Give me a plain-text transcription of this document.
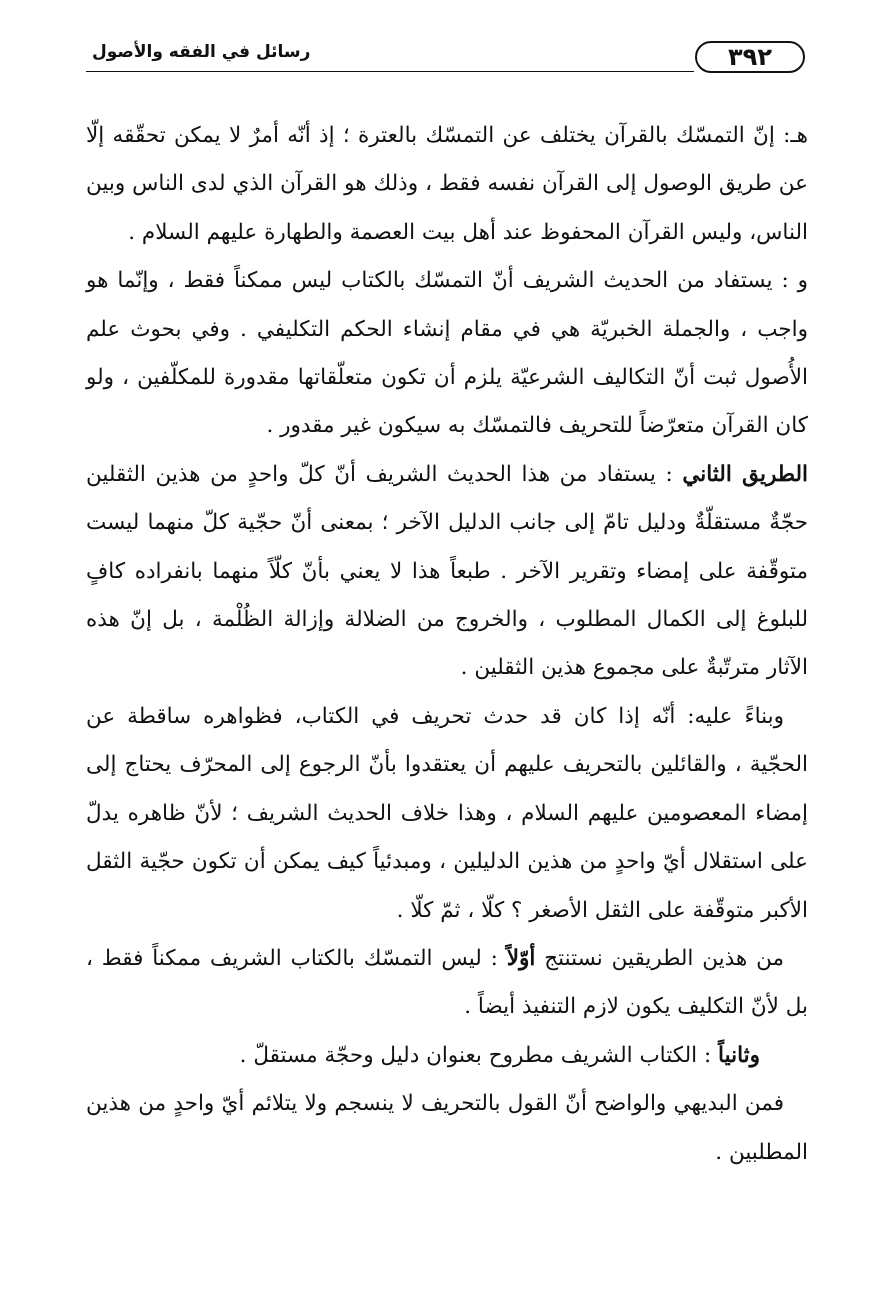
٣٩٢
رسائل في الفقه والأصول

هـ: إنّ التمسّك بالقرآن يختلف عن التمسّك بالعترة ؛ إذ أنّه أمرٌ لا يمكن تحقّقه إلّا عن طريق الوصول إلى القرآن نفسه فقط ، وذلك هو القرآن الذي لدى الناس وبين الناس، وليس القرآن المحفوظ عند أهل بيت العصمة والطهارة عليهم السلام .

و : يستفاد من الحديث الشريف أنّ التمسّك بالكتاب ليس ممكناً فقط ، وإنّما هو واجب ، والجملة الخبريّة هي في مقام إنشاء الحكم التكليفي . وفي بحوث علم الأُصول ثبت أنّ التكاليف الشرعيّة يلزم أن تكون متعلّقاتها مقدورة للمكلّفين ، ولو كان القرآن متعرّضاً للتحريف فالتمسّك به سيكون غير مقدور .

الطريق الثاني : يستفاد من هذا الحديث الشريف أنّ كلّ واحدٍ من هذين الثقلين حجّةٌ مستقلّةٌ ودليل تامّ إلى جانب الدليل الآخر ؛ بمعنى أنّ حجّية كلّ منهما ليست متوقّفة على إمضاء وتقرير الآخر . طبعاً هذا لا يعني بأنّ كلّاً منهما بانفراده كافٍ للبلوغ إلى الكمال المطلوب ، والخروج من الضلالة وإزالة الظُلْمة ، بل إنّ هذه الآثار مترتّبةٌ على مجموع هذين الثقلين .

وبناءً عليه: أنّه إذا كان قد حدث تحريف في الكتاب، فظواهره ساقطة عن الحجّية ، والقائلين بالتحريف عليهم أن يعتقدوا بأنّ الرجوع إلى المحرّف يحتاج إلى إمضاء المعصومين عليهم السلام ، وهذا خلاف الحديث الشريف ؛ لأنّ ظاهره يدلّ على استقلال أيّ واحدٍ من هذين الدليلين ، ومبدئياً كيف يمكن أن تكون حجّية الثقل الأكبر متوقّفة على الثقل الأصغر ؟ كلّا ، ثمّ كلّا .

من هذين الطريقين نستنتج أوّلاً : ليس التمسّك بالكتاب الشريف ممكناً فقط ، بل لأنّ التكليف يكون لازم التنفيذ أيضاً .

وثانياً : الكتاب الشريف مطروح بعنوان دليل وحجّة مستقلّ .

فمن البديهي والواضح أنّ القول بالتحريف لا ينسجم ولا يتلائم أيّ واحدٍ من هذين المطلبين .
